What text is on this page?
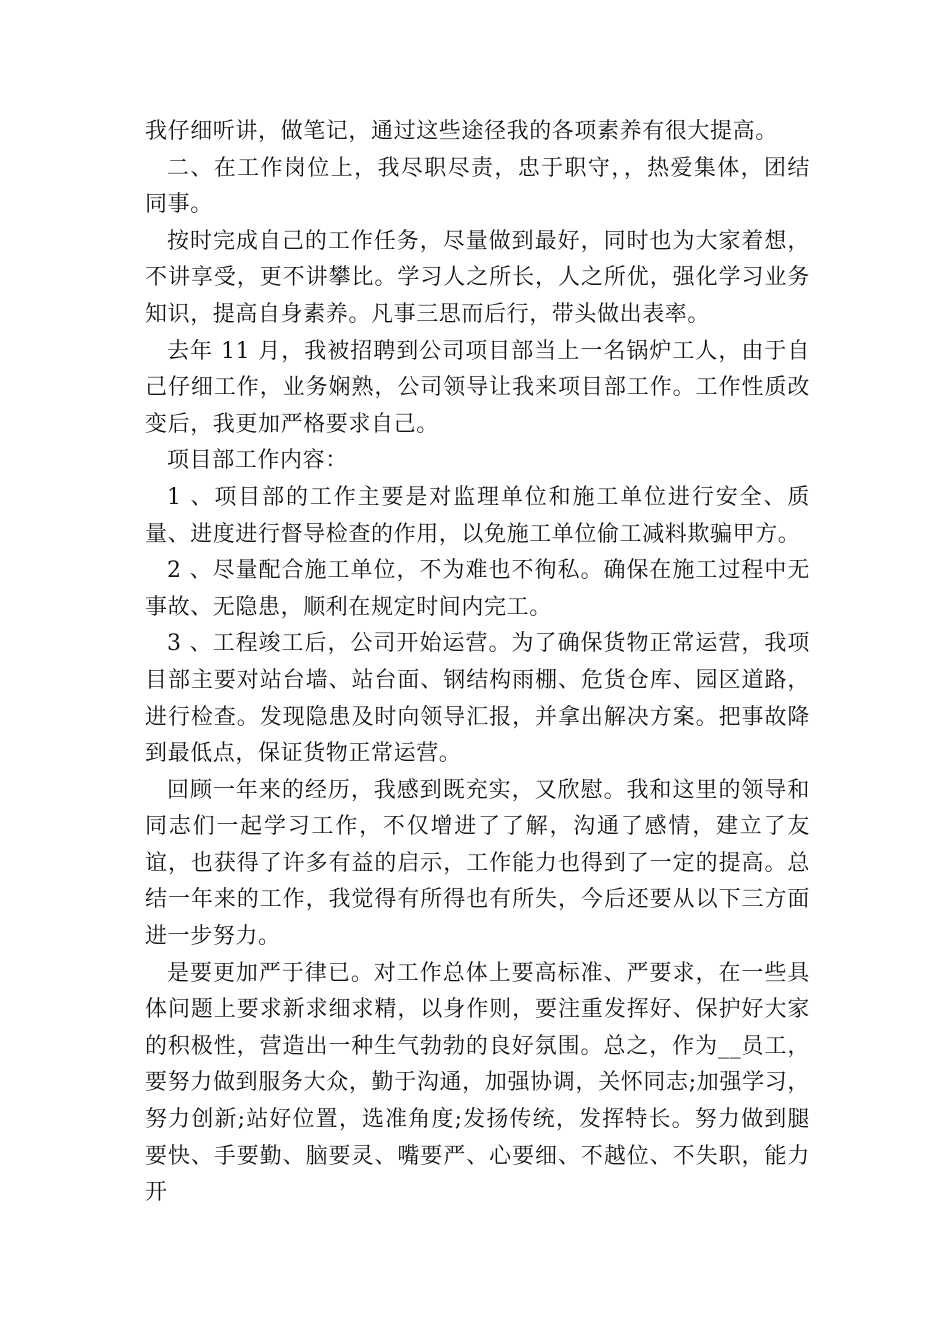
我仔细听讲，做笔记，通过这些途径我的各项素养有很大提高。

二、在工作岗位上，我尽职尽责，忠于职守，，热爱集体，团结同事。

按时完成自己的工作任务，尽量做到最好，同时也为大家着想，不讲享受，更不讲攀比。学习人之所长，人之所优，强化学习业务知识，提高自身素养。凡事三思而后行，带头做出表率。

去年 11 月，我被招聘到公司项目部当上一名锅炉工人，由于自己仔细工作，业务娴熟，公司领导让我来项目部工作。工作性质改变后，我更加严格要求自己。

项目部工作内容：

1 、项目部的工作主要是对监理单位和施工单位进行安全、质量、进度进行督导检查的作用，以免施工单位偷工减料欺骗甲方。

2 、尽量配合施工单位，不为难也不徇私。确保在施工过程中无事故、无隐患，顺利在规定时间内完工。

3 、工程竣工后，公司开始运营。为了确保货物正常运营，我项目部主要对站台墙、站台面、钢结构雨棚、危货仓库、园区道路，进行检查。发现隐患及时向领导汇报，并拿出解决方案。把事故降到最低点，保证货物正常运营。

回顾一年来的经历，我感到既充实，又欣慰。我和这里的领导和同志们一起学习工作，不仅增进了了解，沟通了感情，建立了友谊，也获得了许多有益的启示，工作能力也得到了一定的提高。总结一年来的工作，我觉得有所得也有所失，今后还要从以下三方面进一步努力。

是要更加严于律已。对工作总体上要高标准、严要求，在一些具体问题上要求新求细求精，以身作则，要注重发挥好、保护好大家的积极性，营造出一种生气勃勃的良好氛围。总之，作为__员工，要努力做到服务大众，勤于沟通，加强协调，关怀同志;加强学习，努力创新;站好位置，选准角度;发扬传统，发挥特长。努力做到腿要快、手要勤、脑要灵、嘴要严、心要细、不越位、不失职，能力开
